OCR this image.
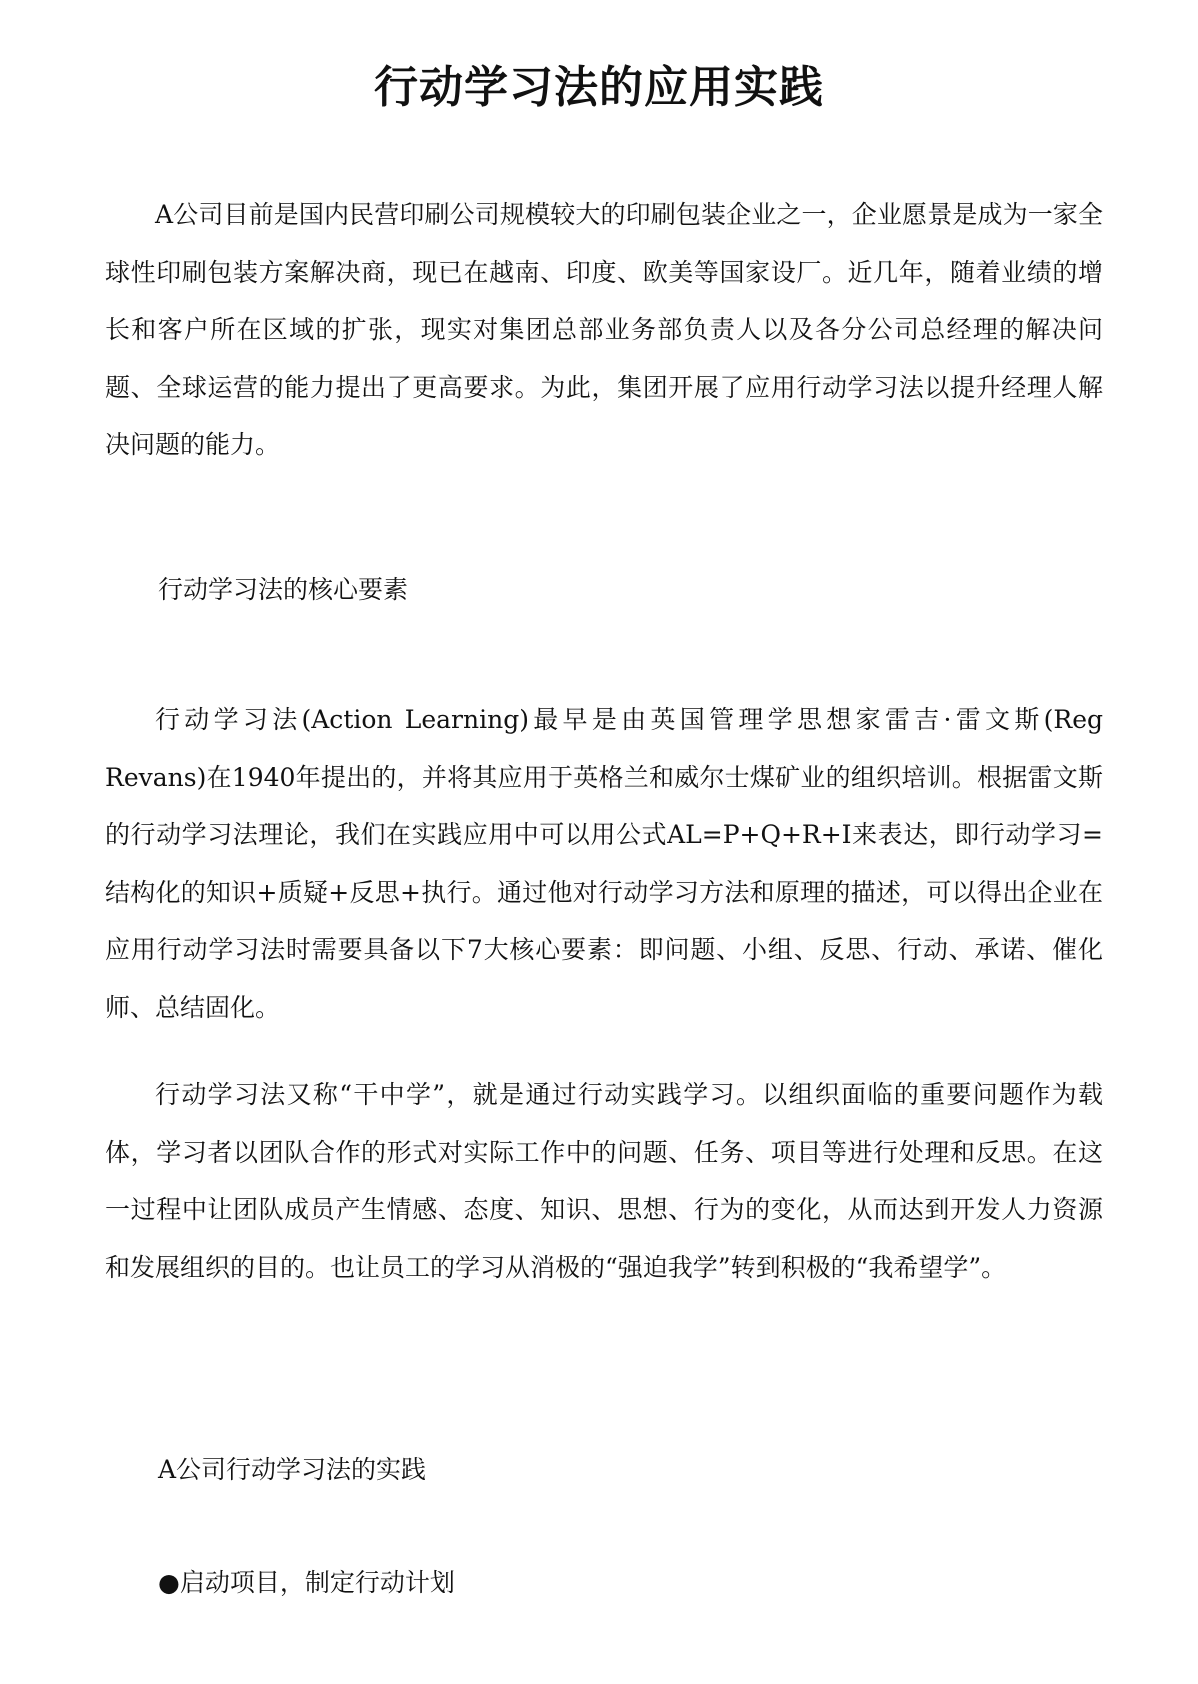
行动学习法的应用实践

A公司目前是国内民营印刷公司规模较大的印刷包装企业之一，企业愿景是成为一家全球性印刷包装方案解决商，现已在越南、印度、欧美等国家设厂。近几年，随着业绩的增长和客户所在区域的扩张，现实对集团总部业务部负责人以及各分公司总经理的解决问题、全球运营的能力提出了更高要求。为此，集团开展了应用行动学习法以提升经理人解决问题的能力。

行动学习法的核心要素

行动学习法(Action Learning)最早是由英国管理学思想家雷吉·雷文斯(Reg Revans)在1940年提出的，并将其应用于英格兰和威尔士煤矿业的组织培训。根据雷文斯的行动学习法理论，我们在实践应用中可以用公式AL=P+Q+R+I来表达，即行动学习=结构化的知识+质疑+反思+执行。通过他对行动学习方法和原理的描述，可以得出企业在应用行动学习法时需要具备以下7大核心要素：即问题、小组、反思、行动、承诺、催化师、总结固化。

行动学习法又称“干中学”，就是通过行动实践学习。以组织面临的重要问题作为载体，学习者以团队合作的形式对实际工作中的问题、任务、项目等进行处理和反思。在这一过程中让团队成员产生情感、态度、知识、思想、行为的变化，从而达到开发人力资源和发展组织的目的。也让员工的学习从消极的“强迫我学”转到积极的“我希望学”。

A公司行动学习法的实践

●启动项目，制定行动计划
